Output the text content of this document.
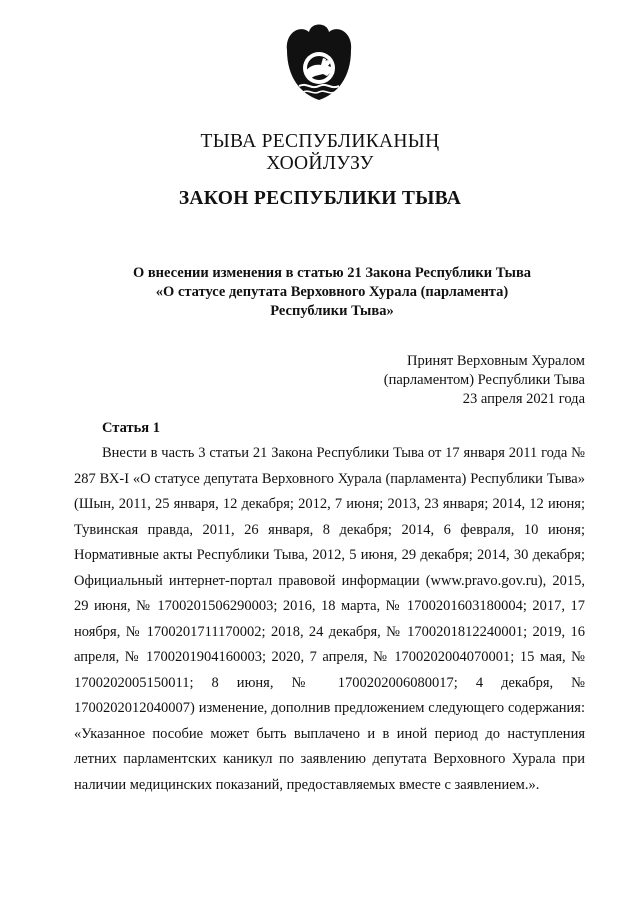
ТЫВА РЕСПУБЛИКАНЫҢ
ХООЙЛУЗУ
ЗАКОН РЕСПУБЛИКИ ТЫВА
О внесении изменения в статью 21 Закона Республики Тыва
«О статусе депутата Верховного Хурала (парламента)
Республики Тыва»
Принят Верховным Хуралом
(парламентом) Республики Тыва
23 апреля 2021 года
Статья 1

Внести в часть 3 статьи 21 Закона Республики Тыва от 17 января 2011 года № 287 ВХ-I «О статусе депутата Верховного Хурала (парламента) Республики Тыва» (Шын, 2011, 25 января, 12 декабря; 2012, 7 июня; 2013, 23 января; 2014, 12 июня; Тувинская правда, 2011, 26 января, 8 декабря; 2014, 6 февраля, 10 июня; Нормативные акты Республики Тыва, 2012, 5 июня, 29 декабря; 2014, 30 декабря; Официальный интернет-портал правовой информации (www.pravo.gov.ru), 2015, 29 июня, № 1700201506290003; 2016, 18 марта, № 1700201603180004; 2017, 17 ноября, № 1700201711170002; 2018, 24 декабря, № 1700201812240001; 2019, 16 апреля, № 1700201904160003; 2020, 7 апреля, № 1700202004070001; 15 мая, № 1700202005150011; 8 июня, № 1700202006080017; 4 декабря, № 1700202012040007) изменение, дополнив предложением следующего содержания: «Указанное пособие может быть выплачено и в иной период до наступления летних парламентских каникул по заявлению депутата Верховного Хурала при наличии медицинских показаний, предоставляемых вместе с заявлением.».
